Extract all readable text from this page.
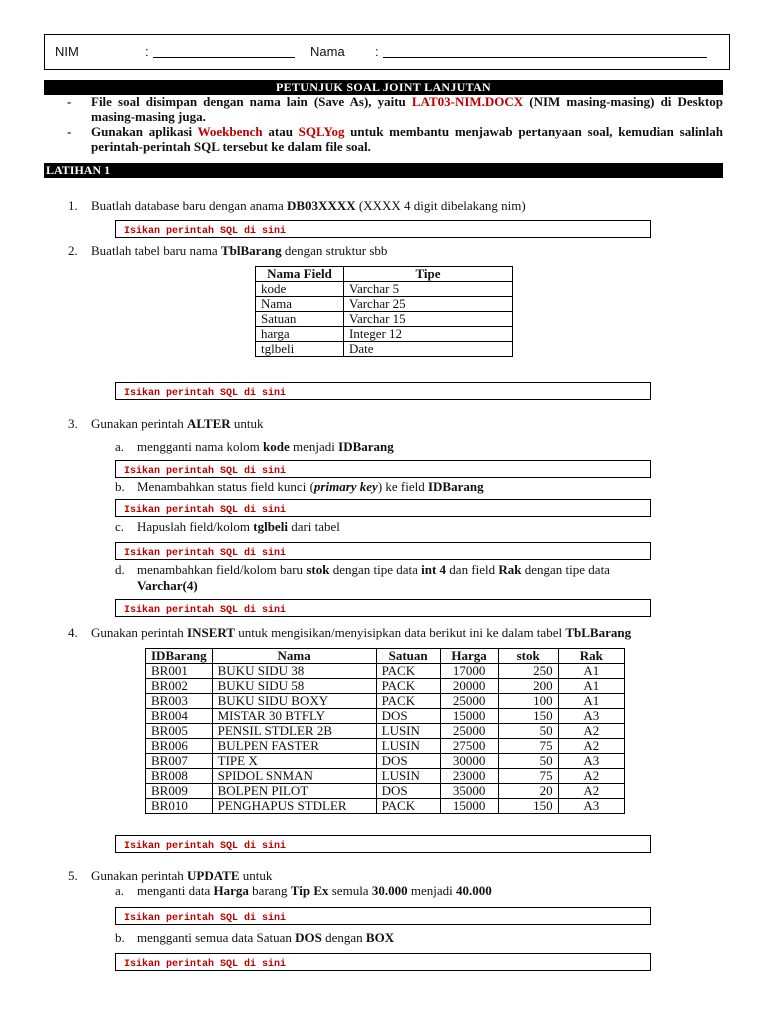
NIM	:	Nama :
PETUNJUK SOAL JOINT LANJUTAN
- File soal disimpan dengan nama lain (Save As), yaitu LAT03-NIM.DOCX (NIM masing-masing) di Desktop masing-masing juga.
- Gunakan aplikasi Woekbench atau SQLYog untuk membantu menjawab pertanyaan soal, kemudian salinlah perintah-perintah SQL tersebut ke dalam file soal.
LATIHAN 1
1. Buatlah database baru dengan anama DB03XXXX (XXXX 4 digit dibelakang nim)
Isikan perintah SQL di sini
2. Buatlah tabel baru nama TblBarang dengan struktur sbb
Nama Field	Tipe
kode	Varchar 5
Nama	Varchar 25
Satuan	Varchar 15
harga	Integer 12
tglbeli	Date
Isikan perintah SQL di sini
3. Gunakan perintah ALTER untuk
a. mengganti nama kolom kode menjadi IDBarang
Isikan perintah SQL di sini
b. Menambahkan status field kunci (primary key) ke field IDBarang
Isikan perintah SQL di sini
c. Hapuslah field/kolom tglbeli dari tabel
Isikan perintah SQL di sini
d. menambahkan field/kolom baru stok dengan tipe data int 4 dan field Rak dengan tipe data
Varchar(4)
Isikan perintah SQL di sini
4. Gunakan perintah INSERT untuk mengisikan/menyisipkan data berikut ini ke dalam tabel TbLBarang
IDBarang	Nama	Satuan	Harga	stok	Rak
BR001	BUKU SIDU 38	PACK	17000	250	A1
BR002	BUKU SIDU 58	PACK	20000	200	A1
BR003	BUKU SIDU BOXY	PACK	25000	100	A1
BR004	MISTAR 30 BTFLY	DOS	15000	150	A3
BR005	PENSIL STDLER 2B	LUSIN	25000	50	A2
BR006	BULPEN FASTER	LUSIN	27500	75	A2
BR007	TIPE X	DOS	30000	50	A3
BR008	SPIDOL SNMAN	LUSIN	23000	75	A2
BR009	BOLPEN PILOT	DOS	35000	20	A2
BR010	PENGHAPUS STDLER	PACK	15000	150	A3
Isikan perintah SQL di sini
5. Gunakan perintah UPDATE untuk
a. menganti data Harga barang Tip Ex semula 30.000 menjadi 40.000
Isikan perintah SQL di sini
b. mengganti semua data Satuan DOS dengan BOX
Isikan perintah SQL di sini
